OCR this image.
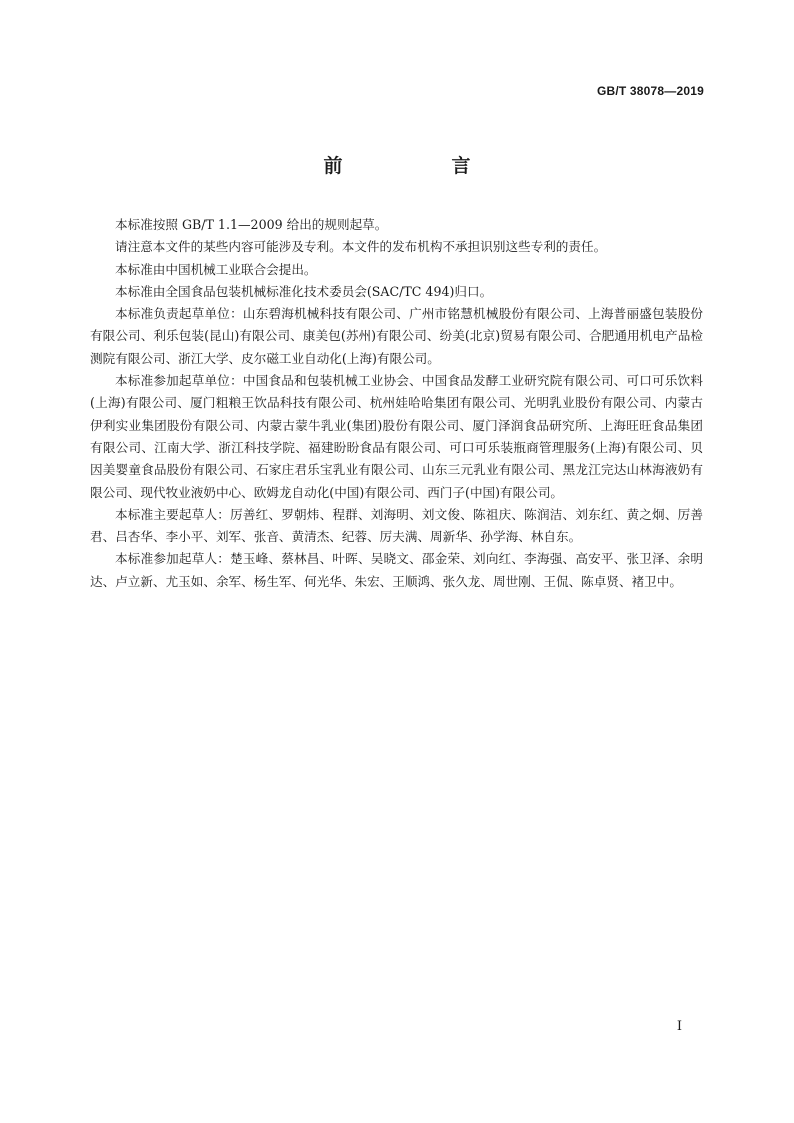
GB/T 38078—2019
前　言

本标准按照 GB/T 1.1—2009 给出的规则起草。

请注意本文件的某些内容可能涉及专利。本文件的发布机构不承担识别这些专利的责任。

本标准由中国机械工业联合会提出。

本标准由全国食品包装机械标准化技术委员会(SAC/TC 494)归口。

本标准负责起草单位：山东碧海机械科技有限公司、广州市铭慧机械股份有限公司、上海普丽盛包装股份有限公司、利乐包装(昆山)有限公司、康美包(苏州)有限公司、纷美(北京)贸易有限公司、合肥通用机电产品检测院有限公司、浙江大学、皮尔磁工业自动化(上海)有限公司。

本标准参加起草单位：中国食品和包装机械工业协会、中国食品发酵工业研究院有限公司、可口可乐饮料(上海)有限公司、厦门粗粮王饮品科技有限公司、杭州娃哈哈集团有限公司、光明乳业股份有限公司、内蒙古伊利实业集团股份有限公司、内蒙古蒙牛乳业(集团)股份有限公司、厦门泽润食品研究所、上海旺旺食品集团有限公司、江南大学、浙江科技学院、福建盼盼食品有限公司、可口可乐装瓶商管理服务(上海)有限公司、贝因美婴童食品股份有限公司、石家庄君乐宝乳业有限公司、山东三元乳业有限公司、黑龙江完达山林海液奶有限公司、现代牧业液奶中心、欧姆龙自动化(中国)有限公司、西门子(中国)有限公司。

本标准主要起草人：厉善红、罗朝炜、程群、刘海明、刘文俊、陈祖庆、陈润洁、刘东红、黄之炯、厉善君、吕杏华、李小平、刘军、张音、黄清杰、纪蓉、厉夫满、周新华、孙学海、林自东。

本标准参加起草人：楚玉峰、蔡林昌、叶晖、吴晓文、邵金荣、刘向红、李海强、高安平、张卫泽、余明达、卢立新、尤玉如、余军、杨生军、何光华、朱宏、王顺鸿、张久龙、周世刚、王侃、陈卓贤、褚卫中。

I
